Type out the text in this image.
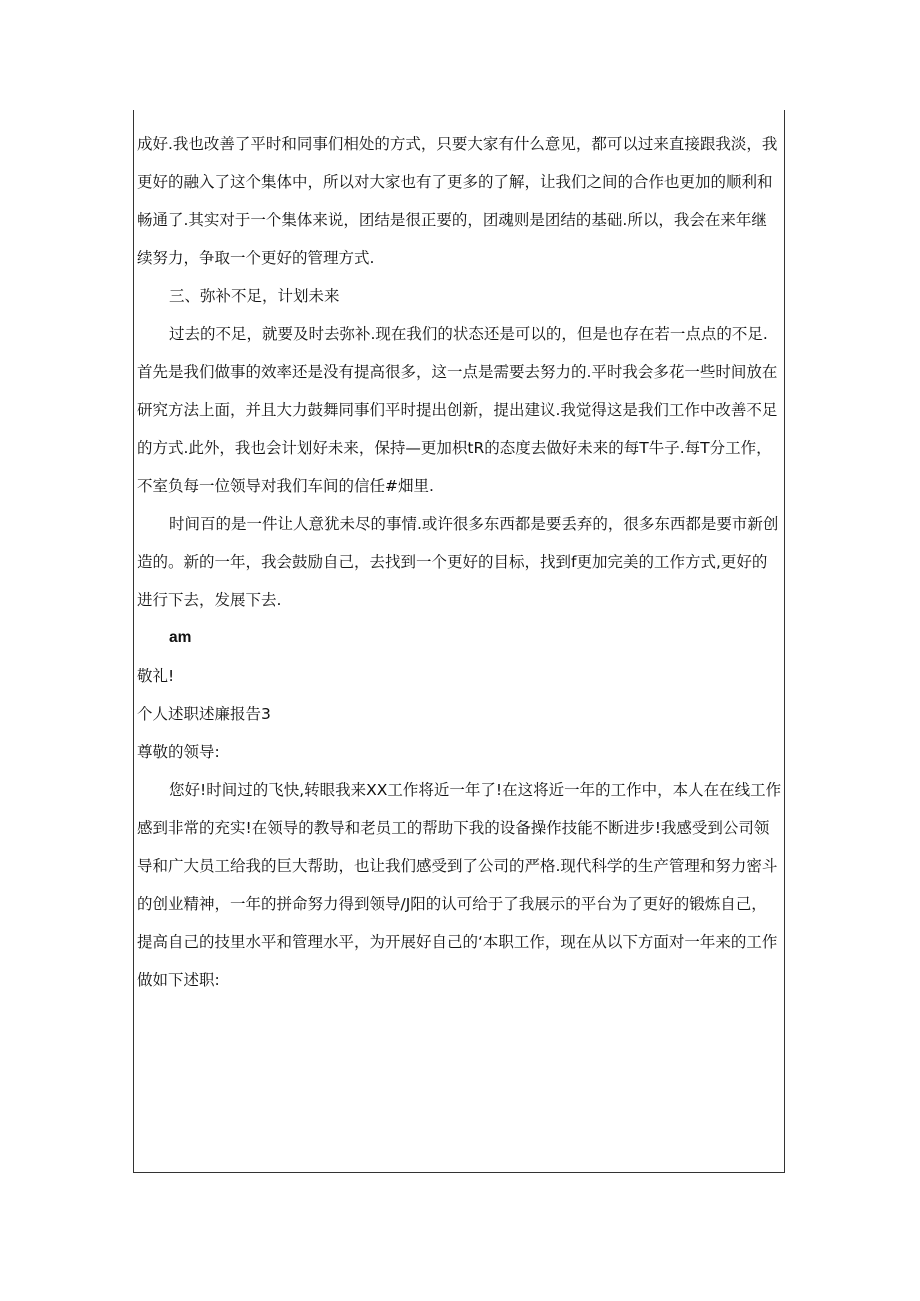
成好.我也改善了平时和同事们相处的方式，只要大家有什么意见，都可以过来直接跟我淡，我更好的融入了这个集体中，所以对大家也有了更多的了解，让我们之间的合作也更加的顺利和畅通了.其实对于一个集体来说，团结是很正要的，团魂则是团结的基础.所以，我会在来年继续努力，争取一个更好的管理方式.

三、弥补不足，计划未来

过去的不足，就要及时去弥补.现在我们的状态还是可以的，但是也存在若一点点的不足.首先是我们做事的效率还是没有提高很多，这一点是需要去努力的.平时我会多花一些时间放在研究方法上面，并且大力鼓舞同事们平时提出创新，提出建议.我觉得这是我们工作中改善不足的方式.此外，我也会计划好未来，保持—更加枳tR的态度去做好未来的每T牛子.每T分工作，不室负每一位领导对我们车间的信任#畑里.

时间百的是一件让人意犹未尽的事情.或许很多东西都是要丢弃的，很多东西都是要市新创造的。新的一年，我会鼓励自己，去找到一个更好的目标，找到f更加完美的工作方式,更好的进行下去，发展下去.

am

敬礼!

个人述职述廉报告3

尊敬的领导:

您好!时间过的飞快,转眼我来XX工作将近一年了!在这将近一年的工作中，本人在在线工作感到非常的充实!在领导的教导和老员工的帮助下我的设备操作技能不断进步!我感受到公司领导和广大员工给我的巨大帮助，也让我们感受到了公司的严格.现代科学的生产管理和努力密斗的创业精神，一年的拼命努力得到领导/J阳的认可给于了我展示的平台为了更好的锻炼自己，提高自己的技里水平和管理水平，为开展好自己的‘本职工作，现在从以下方面对一年来的工作做如下述职:
